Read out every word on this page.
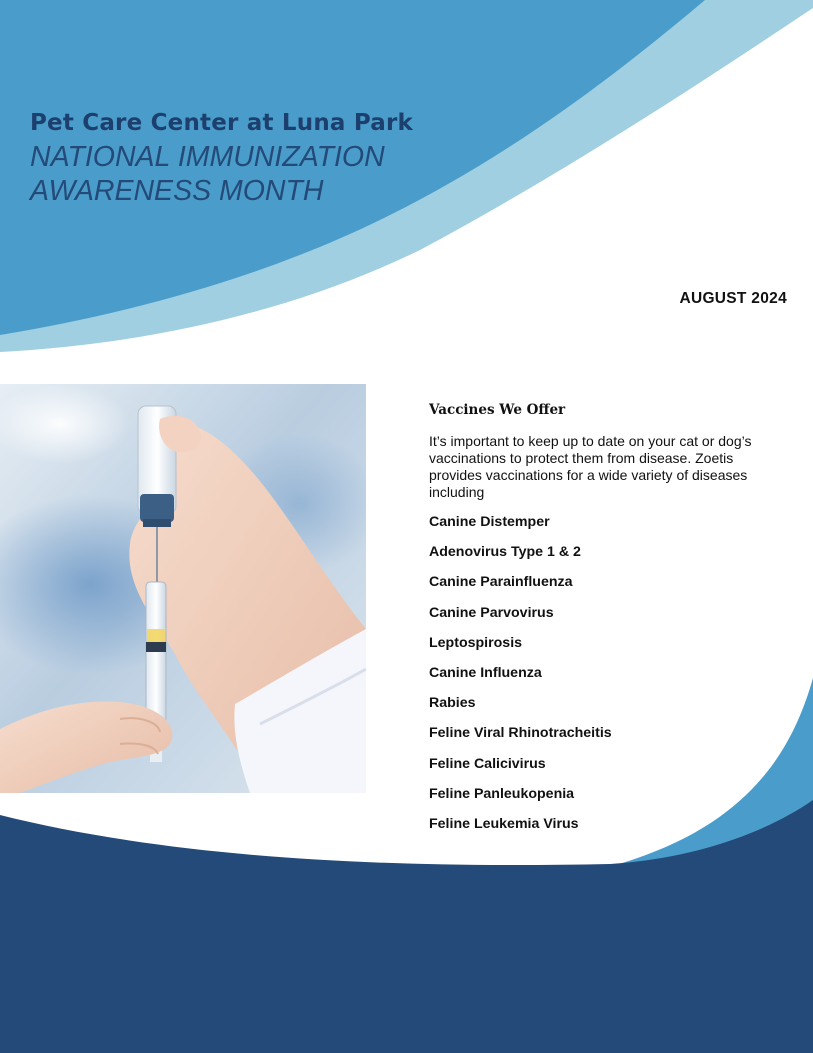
Pet Care Center at Luna Park
NATIONAL IMMUNIZATION
AWARENESS MONTH
AUGUST 2024
Vaccines We Offer

It’s important to keep up to date on your cat or dog’s vaccinations to protect them from disease. Zoetis provides vaccinations for a wide variety of diseases including

Canine Distemper
Adenovirus Type 1 & 2
Canine Parainfluenza
Canine Parvovirus
Leptospirosis
Canine Influenza
Rabies
Feline Viral Rhinotracheitis
Feline Calicivirus
Feline Panleukopenia
Feline Leukemia Virus
